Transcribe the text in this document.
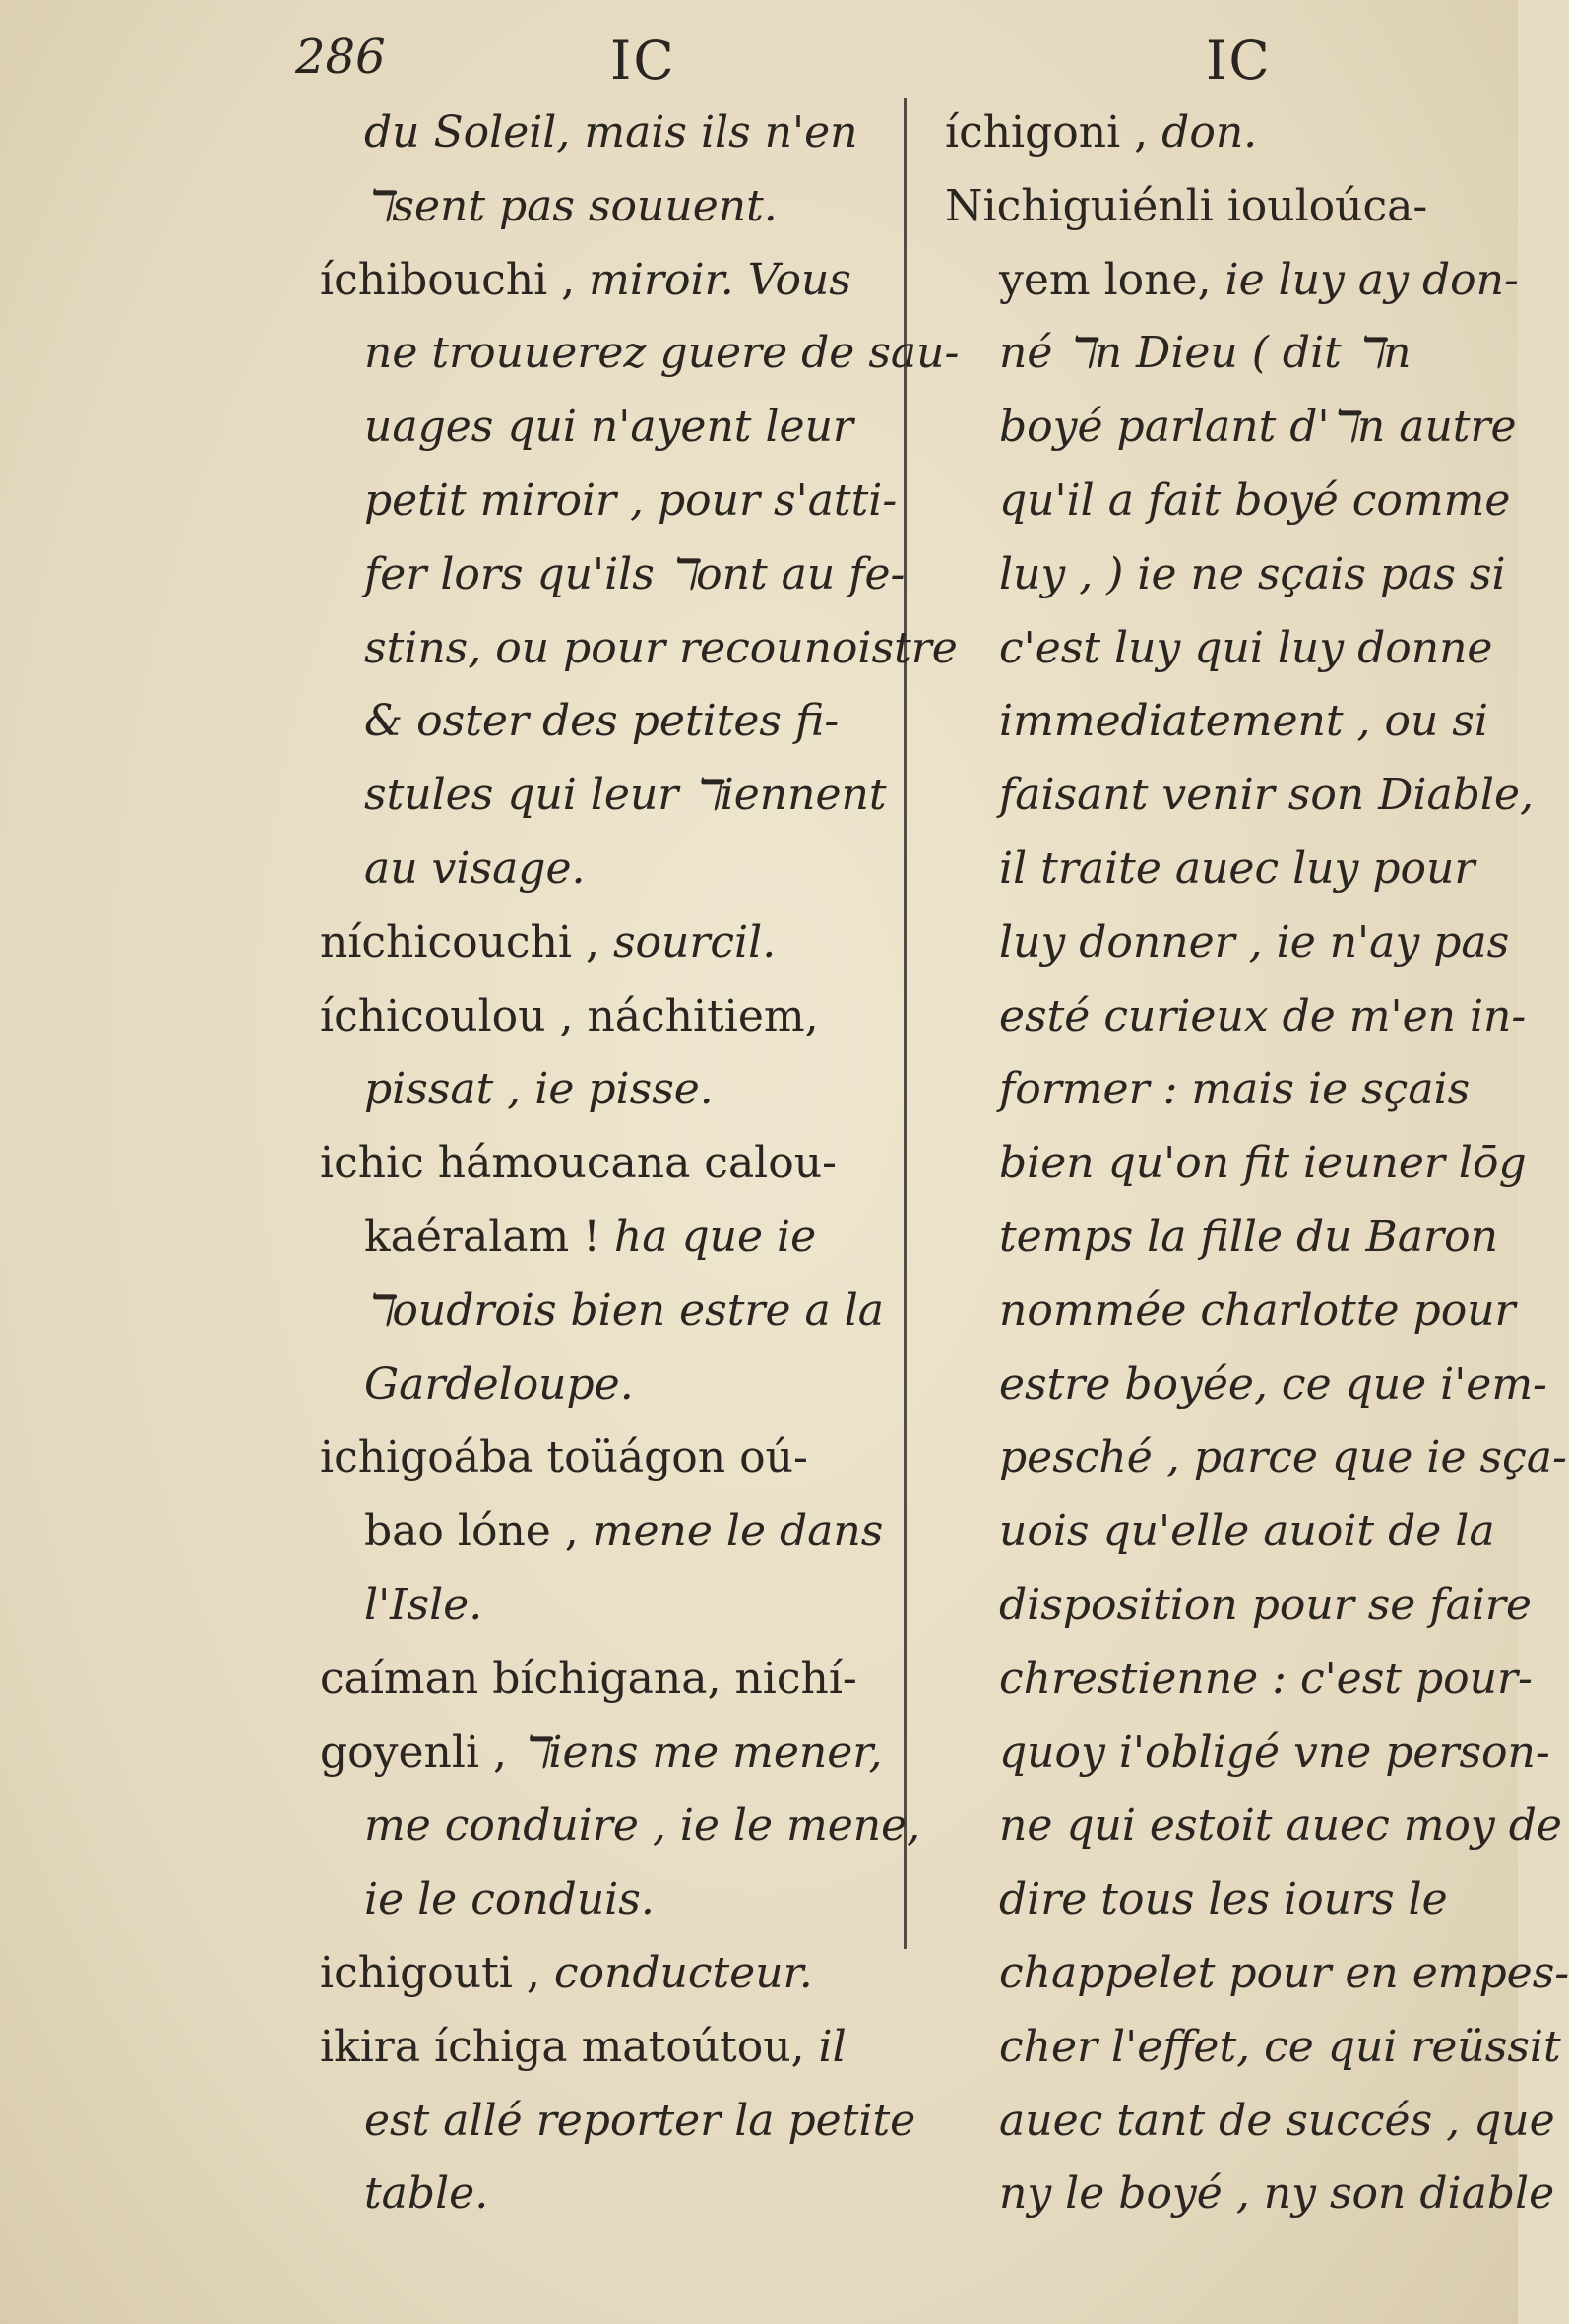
286	IC	IC
du Soleil, mais ils n'en
ℸsent pas souuent.
íchibouchi , miroir. Vous
ne trouuerez guere de sau-
uages qui n'ayent leur
petit miroir , pour s'atti-
fer lors qu'ils ℸont au fe-
stins, ou pour recounoistre
& oster des petites fi-
stules qui leur ℸiennent
au visage.
níchicouchi , sourcil.
íchicoulou , náchitiem,
pissat , ie pisse.
ichic hámoucana calou-
kaéralam ! ha que ie
ℸoudrois bien estre a la
Gardeloupe.
ichigoába toüágon oú-
bao lóne , mene le dans
l'Isle.
caíman bíchigana, nichí-
goyenli , ℸiens me mener,
me conduire , ie le mene,
ie le conduis.
ichigouti , conducteur.
ikira íchiga matoútou, il
est allé reporter la petite
table.
íchigoni , don.
Nichiguiénli iouloúca-
yem lone, ie luy ay don-
né ℸn Dieu ( dit ℸn
boyé parlant d'ℸn autre
qu'il a fait boyé comme
luy , ) ie ne sçais pas si
c'est luy qui luy donne
immediatement , ou si
faisant venir son Diable,
il traite auec luy pour
luy donner , ie n'ay pas
esté curieux de m'en in-
former : mais ie sçais
bien qu'on fit ieuner lōg
temps la fille du Baron
nommée charlotte pour
estre boyée, ce que i'em-
pesché , parce que ie sça-
uois qu'elle auoit de la
disposition pour se faire
chrestienne : c'est pour-
quoy i'obligé vne person-
ne qui estoit auec moy de
dire tous les iours le
chappelet pour en empes-
cher l'effet, ce qui reüssit
auec tant de succés , que
ny le boyé , ny son diable
